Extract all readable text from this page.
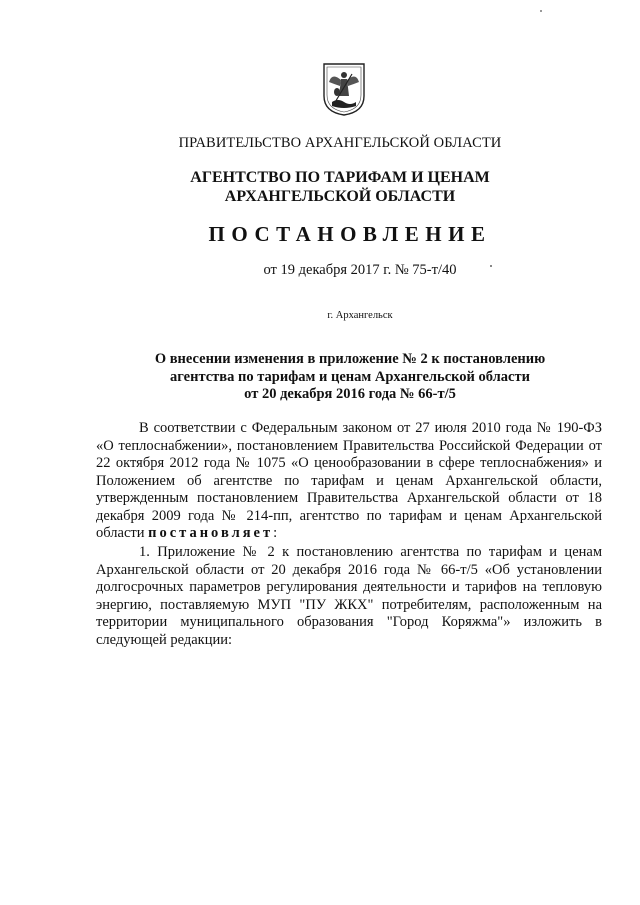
ПРАВИТЕЛЬСТВО АРХАНГЕЛЬСКОЙ ОБЛАСТИ
АГЕНТСТВО ПО ТАРИФАМ И ЦЕНАМ
АРХАНГЕЛЬСКОЙ ОБЛАСТИ
ПОСТАНОВЛЕНИЕ
от 19 декабря 2017 г. № 75-т/40
г. Архангельск
О внесении изменения в приложение № 2 к постановлению
агентства по тарифам и ценам Архангельской области
от 20 декабря 2016 года № 66-т/5
В соответствии с Федеральным законом от 27 июля 2010 года № 190-ФЗ «О теплоснабжении», постановлением Правительства Российской Федерации от 22 октября 2012 года № 1075 «О ценообразовании в сфере теплоснабжения» и Положением об агентстве по тарифам и ценам Архангельской области, утвержденным постановлением Правительства Архангельской области от 18 декабря 2009 года № 214-пп, агентство по тарифам и ценам Архангельской области постановляет:
1. Приложение № 2 к постановлению агентства по тарифам и ценам Архангельской области от 20 декабря 2016 года № 66-т/5 «Об установлении долгосрочных параметров регулирования деятельности и тарифов на тепловую энергию, поставляемую МУП "ПУ ЖКХ" потребителям, расположенным на территории муниципального образования "Город Коряжма"» изложить в следующей редакции:
